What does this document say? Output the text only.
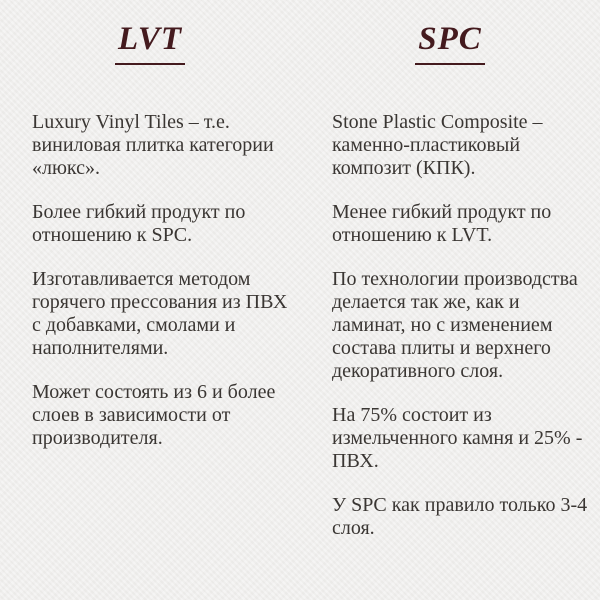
LVT

Luxury Vinyl Tiles – т.е. виниловая плитка категории «люкс».

Более гибкий продукт по отношению к SPC.

Изготавливается методом горячего прессования из ПВХ с добавками, смолами и наполнителями.

Может состоять из 6 и более слоев в зависимости от производителя.

SPC

Stone Plastic Composite – каменно-пластиковый композит (КПК).

Менее гибкий продукт по отношению к LVT.

По технологии производства делается так же, как и ламинат, но с изменением состава плиты и верхнего декоративного слоя.

На 75% состоит из измельченного камня и 25% - ПВХ.

У SPC как правило только 3-4 слоя.
